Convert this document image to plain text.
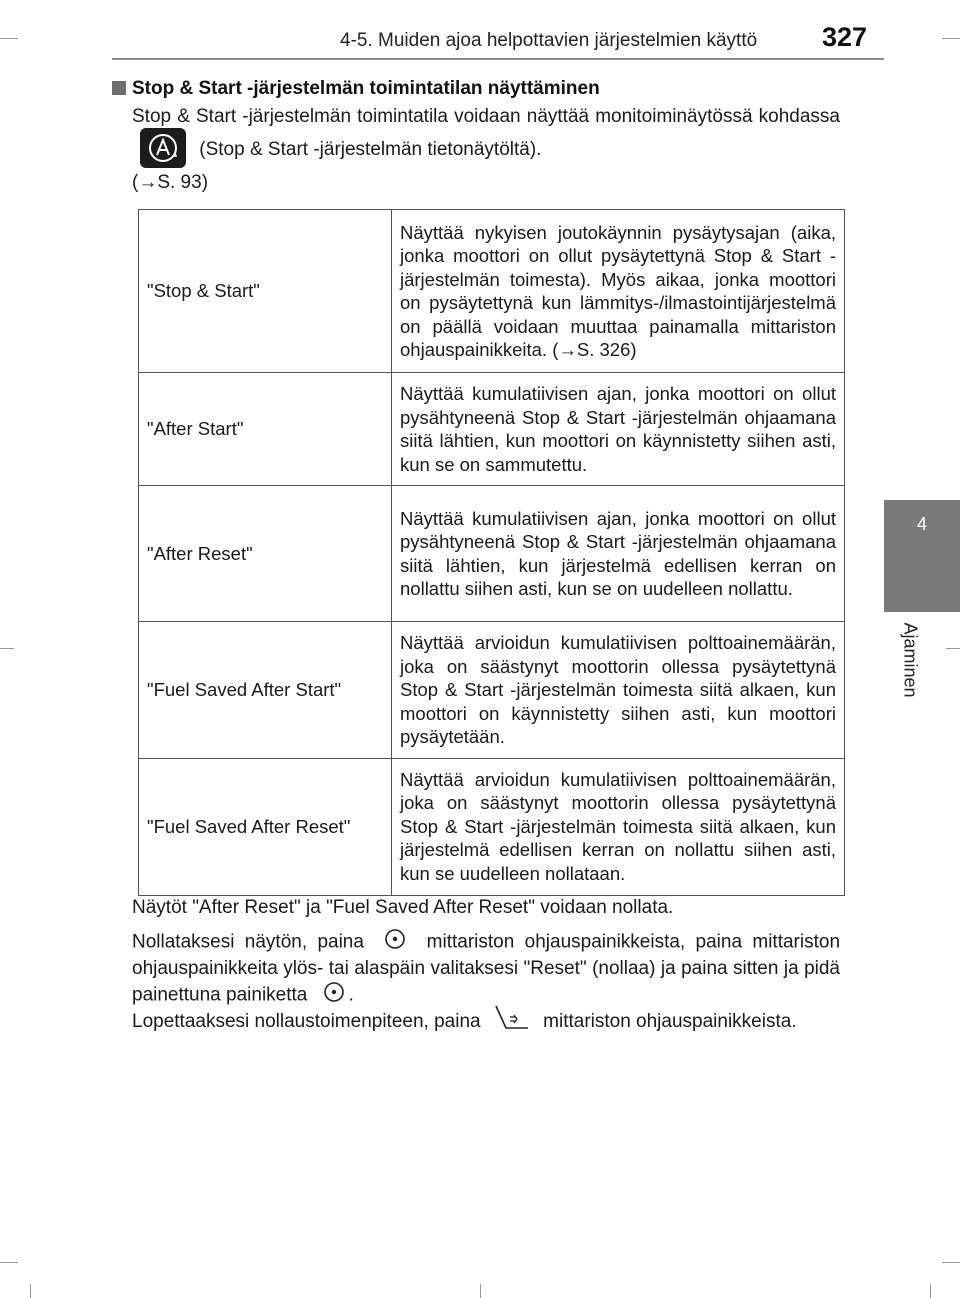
4-5. Muiden ajoa helpottavien järjestelmien käyttö	327
4
Ajaminen
Stop & Start -järjestelmän toimintatilan näyttäminen
Stop & Start -järjestelmän toimintatila voidaan näyttää monitoiminäytössä kohdassa  (Stop & Start -järjestelmän tietonäytöltä).
(→S. 93)
"Stop & Start"	Näyttää nykyisen joutokäynnin pysäytysajan (aika, jonka moottori on ollut pysäytettynä Stop & Start -järjestelmän toimesta). Myös aikaa, jonka moottori on pysäytettynä kun lämmitys-/ilmastointijärjestelmä on päällä voidaan muuttaa painamalla mittariston ohjauspainikkeita. (→S. 326)
"After Start"	Näyttää kumulatiivisen ajan, jonka moottori on ollut pysähtyneenä Stop & Start -järjestelmän ohjaamana siitä lähtien, kun moottori on käynnistetty siihen asti, kun se on sammutettu.
"After Reset"	Näyttää kumulatiivisen ajan, jonka moottori on ollut pysähtyneenä Stop & Start -järjestelmän ohjaamana siitä lähtien, kun järjestelmä edellisen kerran on nollattu siihen asti, kun se on uudelleen nollattu.
"Fuel Saved After Start"	Näyttää arvioidun kumulatiivisen polttoainemäärän, joka on säästynyt moottorin ollessa pysäytettynä Stop & Start -järjestelmän toimesta siitä alkaen, kun moottori on käynnistetty siihen asti, kun moottori pysäytetään.
"Fuel Saved After Reset"	Näyttää arvioidun kumulatiivisen polttoainemäärän, joka on säästynyt moottorin ollessa pysäytettynä Stop & Start -järjestelmän toimesta siitä alkaen, kun järjestelmä edellisen kerran on nollattu siihen asti, kun se uudelleen nollataan.
Näytöt "After Reset" ja "Fuel Saved After Reset" voidaan nollata.
Nollataksesi näytön, paina	mittariston ohjauspainikkeista, paina mittariston ohjauspainikkeita ylös- tai alaspäin valitaksesi "Reset" (nollaa) ja paina sitten ja pidä painettuna painiketta .
Lopettaaksesi nollaustoimenpiteen, paina	mittariston ohjauspainikkeista.
